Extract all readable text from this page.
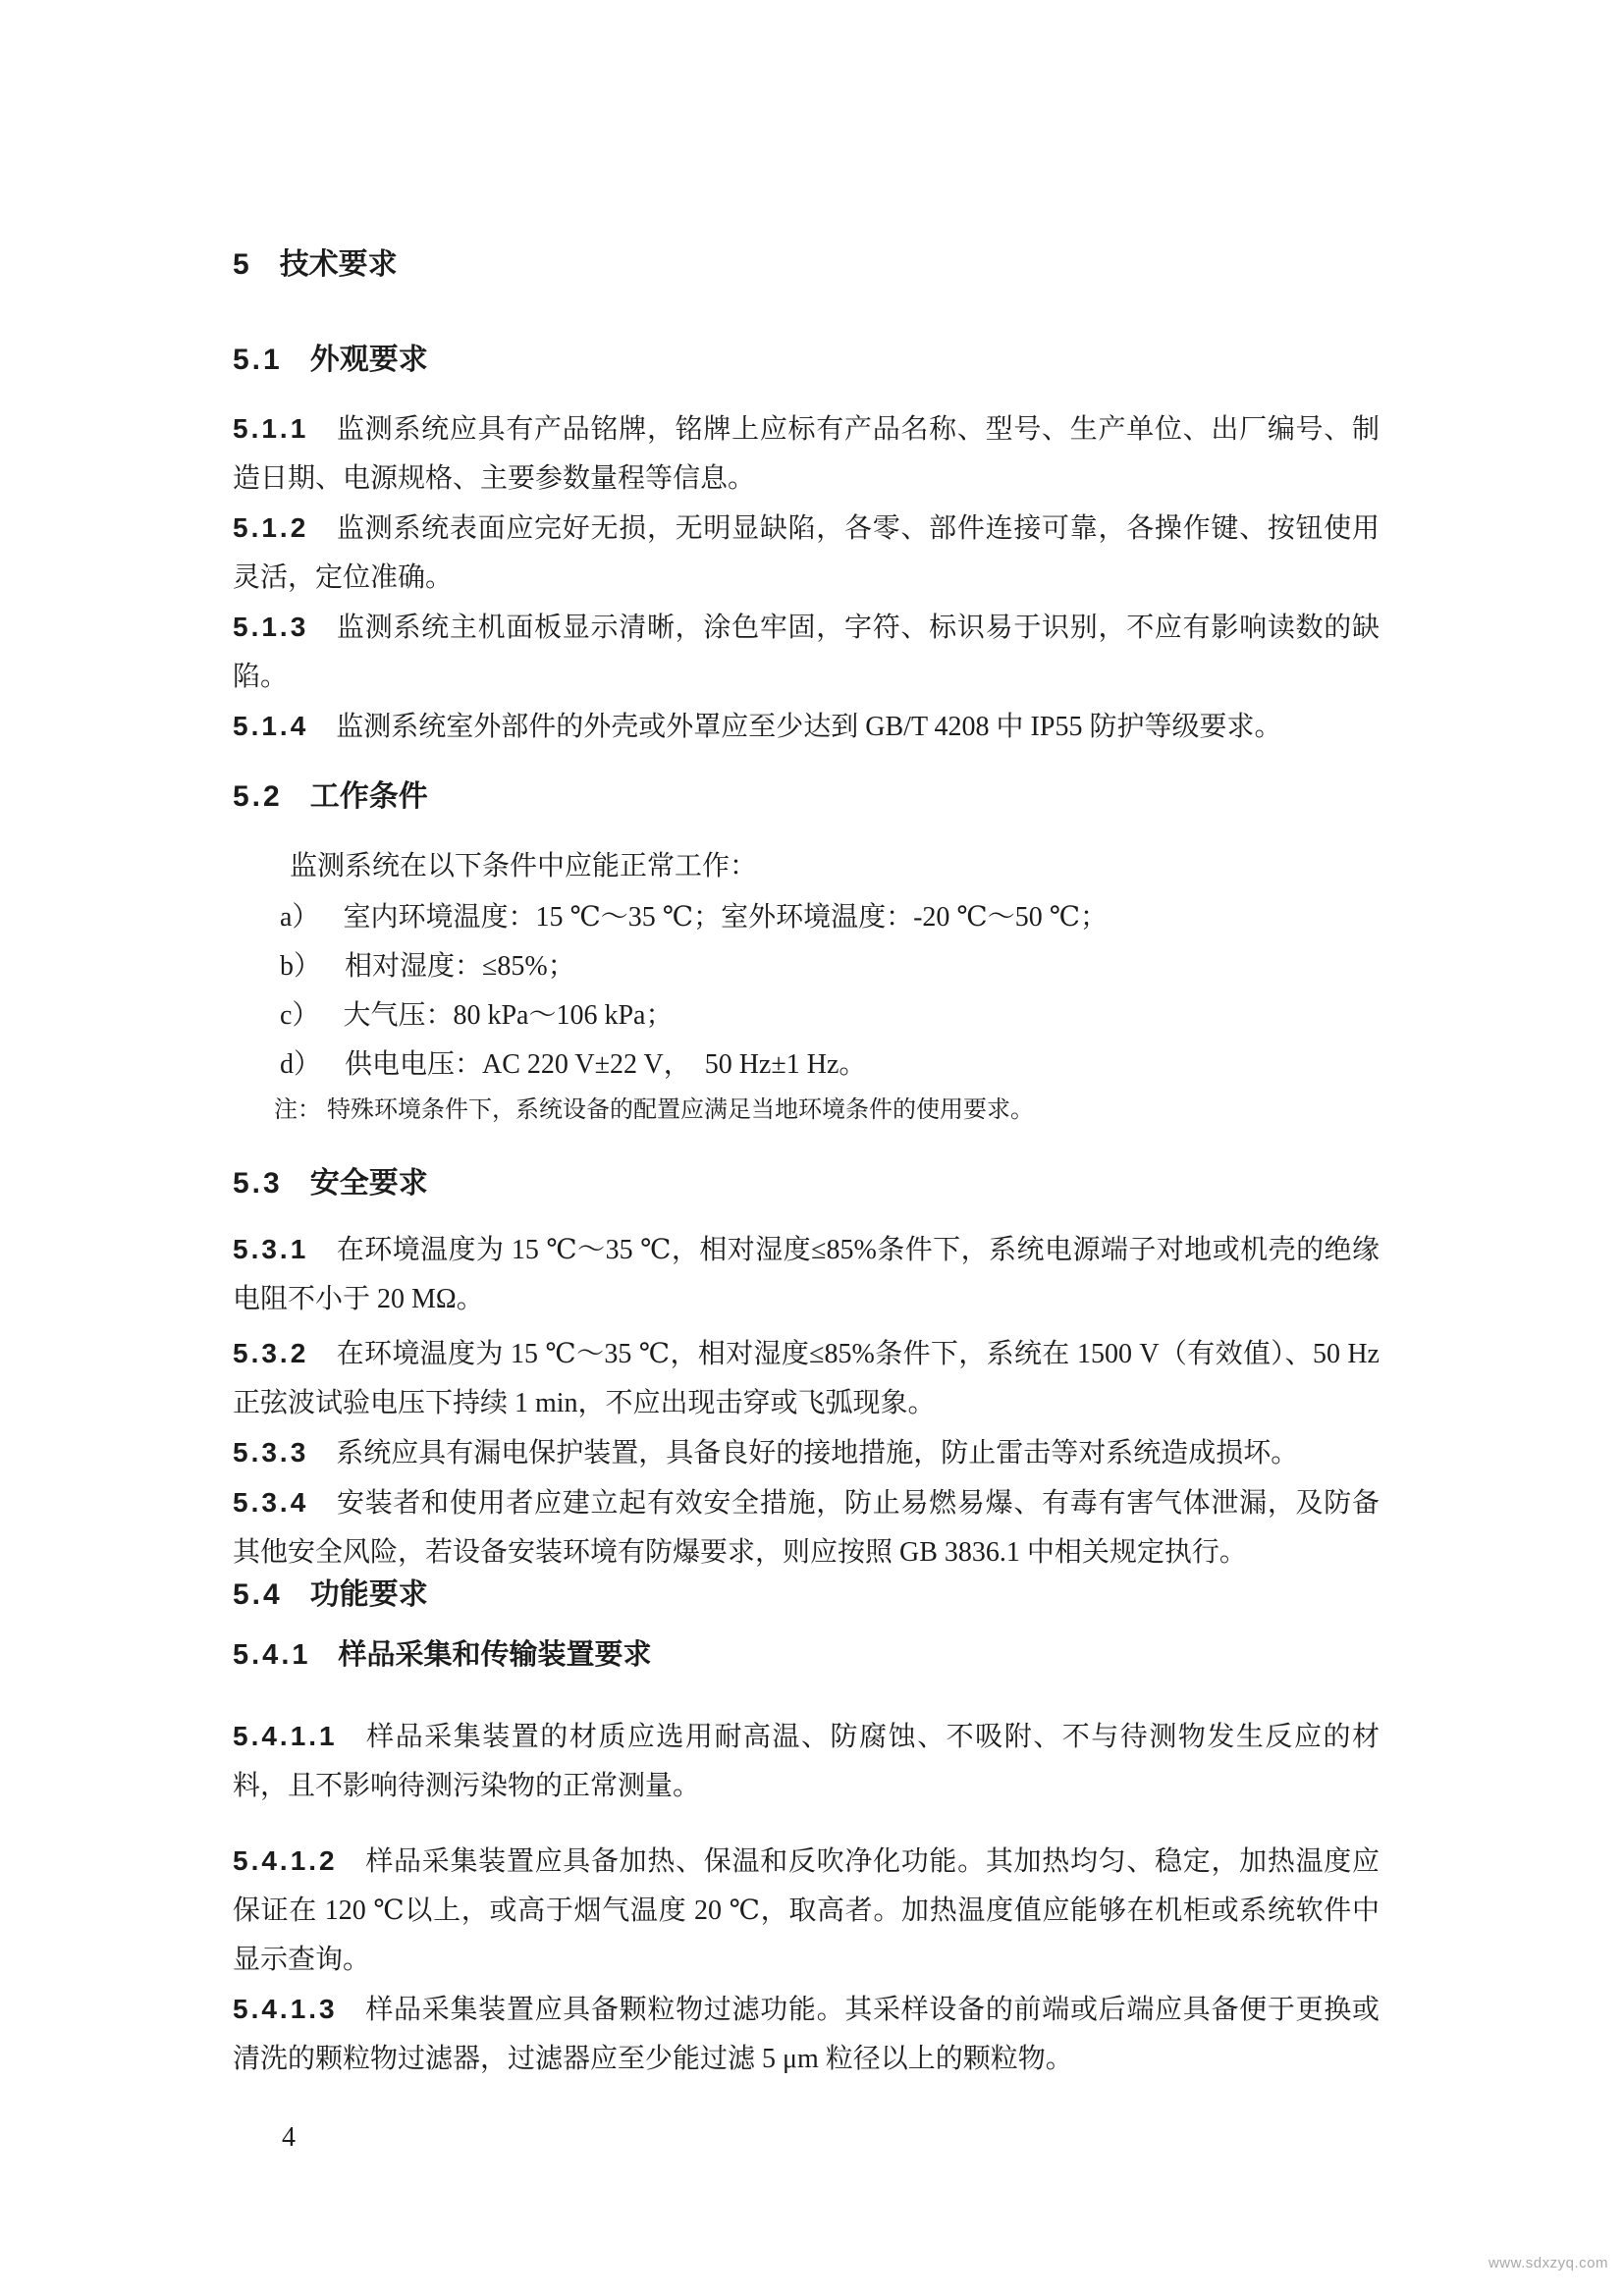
5 技术要求
5.1 外观要求

5.1.1 监测系统应具有产品铭牌，铭牌上应标有产品名称、型号、生产单位、出厂编号、制造日期、电源规格、主要参数量程等信息。

5.1.2 监测系统表面应完好无损，无明显缺陷，各零、部件连接可靠，各操作键、按钮使用灵活，定位准确。

5.1.3 监测系统主机面板显示清晰，涂色牢固，字符、标识易于识别，不应有影响读数的缺陷。

5.1.4 监测系统室外部件的外壳或外罩应至少达到 GB/T 4208 中 IP55 防护等级要求。

5.2 工作条件

监测系统在以下条件中应能正常工作：

a） 室内环境温度：15 ℃～35 ℃；室外环境温度：-20 ℃～50 ℃；

b） 相对湿度：≤85%；

c） 大气压：80 kPa～106 kPa；

d） 供电电压：AC 220 V±22 V，　50 Hz±1 Hz。

注： 特殊环境条件下，系统设备的配置应满足当地环境条件的使用要求。

5.3 安全要求

5.3.1 在环境温度为 15 ℃～35 ℃，相对湿度≤85%条件下，系统电源端子对地或机壳的绝缘电阻不小于 20 MΩ。

5.3.2 在环境温度为 15 ℃～35 ℃，相对湿度≤85%条件下，系统在 1500 V（有效值）、50 Hz 正弦波试验电压下持续 1 min，不应出现击穿或飞弧现象。

5.3.3 系统应具有漏电保护装置，具备良好的接地措施，防止雷击等对系统造成损坏。

5.3.4 安装者和使用者应建立起有效安全措施，防止易燃易爆、有毒有害气体泄漏，及防备其他安全风险，若设备安装环境有防爆要求，则应按照 GB 3836.1 中相关规定执行。

5.4 功能要求
5.4.1 样品采集和传输装置要求

5.4.1.1 样品采集装置的材质应选用耐高温、防腐蚀、不吸附、不与待测物发生反应的材料，且不影响待测污染物的正常测量。

5.4.1.2 样品采集装置应具备加热、保温和反吹净化功能。其加热均匀、稳定，加热温度应保证在 120 ℃以上，或高于烟气温度 20 ℃，取高者。加热温度值应能够在机柜或系统软件中显示查询。

5.4.1.3 样品采集装置应具备颗粒物过滤功能。其采样设备的前端或后端应具备便于更换或清洗的颗粒物过滤器，过滤器应至少能过滤 5 μm 粒径以上的颗粒物。

4
www.sdxzyq.com
